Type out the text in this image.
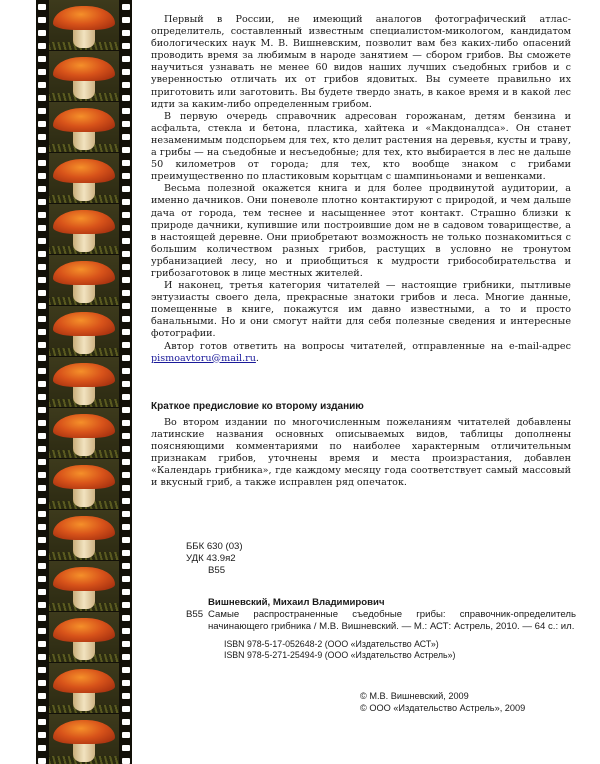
Первый в России, не имеющий аналогов фотографический атлас-определитель, составленный известным специалистом-микологом, кандидатом биологических наук М. В. Вишневским, позволит вам без каких-либо опасений проводить время за любимым в народе занятием — сбором грибов. Вы сможете научиться узнавать не менее 60 видов наших лучших съедобных грибов и с уверенностью отличать их от грибов ядовитых. Вы сумеете правильно их приготовить или заготовить. Вы будете твердо знать, в какое время и в какой лес идти за каким-либо определенным грибом.

В первую очередь справочник адресован горожанам, детям бензина и асфальта, стекла и бетона, пластика, хайтека и «Макдоналдса». Он станет незаменимым подспорьем для тех, кто делит растения на деревья, кусты и траву, а грибы — на съедобные и несъедобные; для тех, кто выбирается в лес не дальше 50 километров от города; для тех, кто вообще знаком с грибами преимущественно по пластиковым корытцам с шампиньонами и вешенками.

Весьма полезной окажется книга и для более продвинутой аудитории, а именно дачников. Они поневоле плотно контактируют с природой, и чем дальше дача от города, тем теснее и насыщеннее этот контакт. Страшно близки к природе дачники, купившие или построившие дом не в садовом товариществе, а в настоящей деревне. Они приобретают возможность не только познакомиться с большим количеством разных грибов, растущих в условно не тронутом урбанизацией лесу, но и приобщиться к мудрости грибособирательства и грибозаготовок в лице местных жителей.

И наконец, третья категория читателей — настоящие грибники, пытливые энтузиасты своего дела, прекрасные знатоки грибов и леса. Многие данные, помещенные в книге, покажутся им давно известными, а то и просто банальными. Но и они смогут найти для себя полезные сведения и интересные фотографии.

Автор готов ответить на вопросы читателей, отправленные на e-mail-адрес pismoavtoru@mail.ru.

Краткое предисловие ко второму изданию

Во втором издании по многочисленным пожеланиям читателей добавлены латинские названия основных описываемых видов, таблицы дополнены поясняющими комментариями по наиболее характерным отличительным признакам грибов, уточнены время и места произрастания, добавлен «Календарь грибника», где каждому месяцу года соответствует самый массовый и вкусный гриб, а также исправлен ряд опечаток.

ББК 630 (03)
УДК 43.9я2
В55
Вишневский, Михаил Владимирович
В55 Самые распространенные съедобные грибы: справочник-определитель начинающего грибника / М.В. Вишневский. — М.: АСТ: Астрель, 2010. — 64 с.: ил.
ISBN 978-5-17-052648-2 (ООО «Издательство АСТ»)
ISBN 978-5-271-25494-9 (ООО «Издательство Астрель»)
© М.В. Вишневский, 2009
© ООО «Издательство Астрель», 2009
